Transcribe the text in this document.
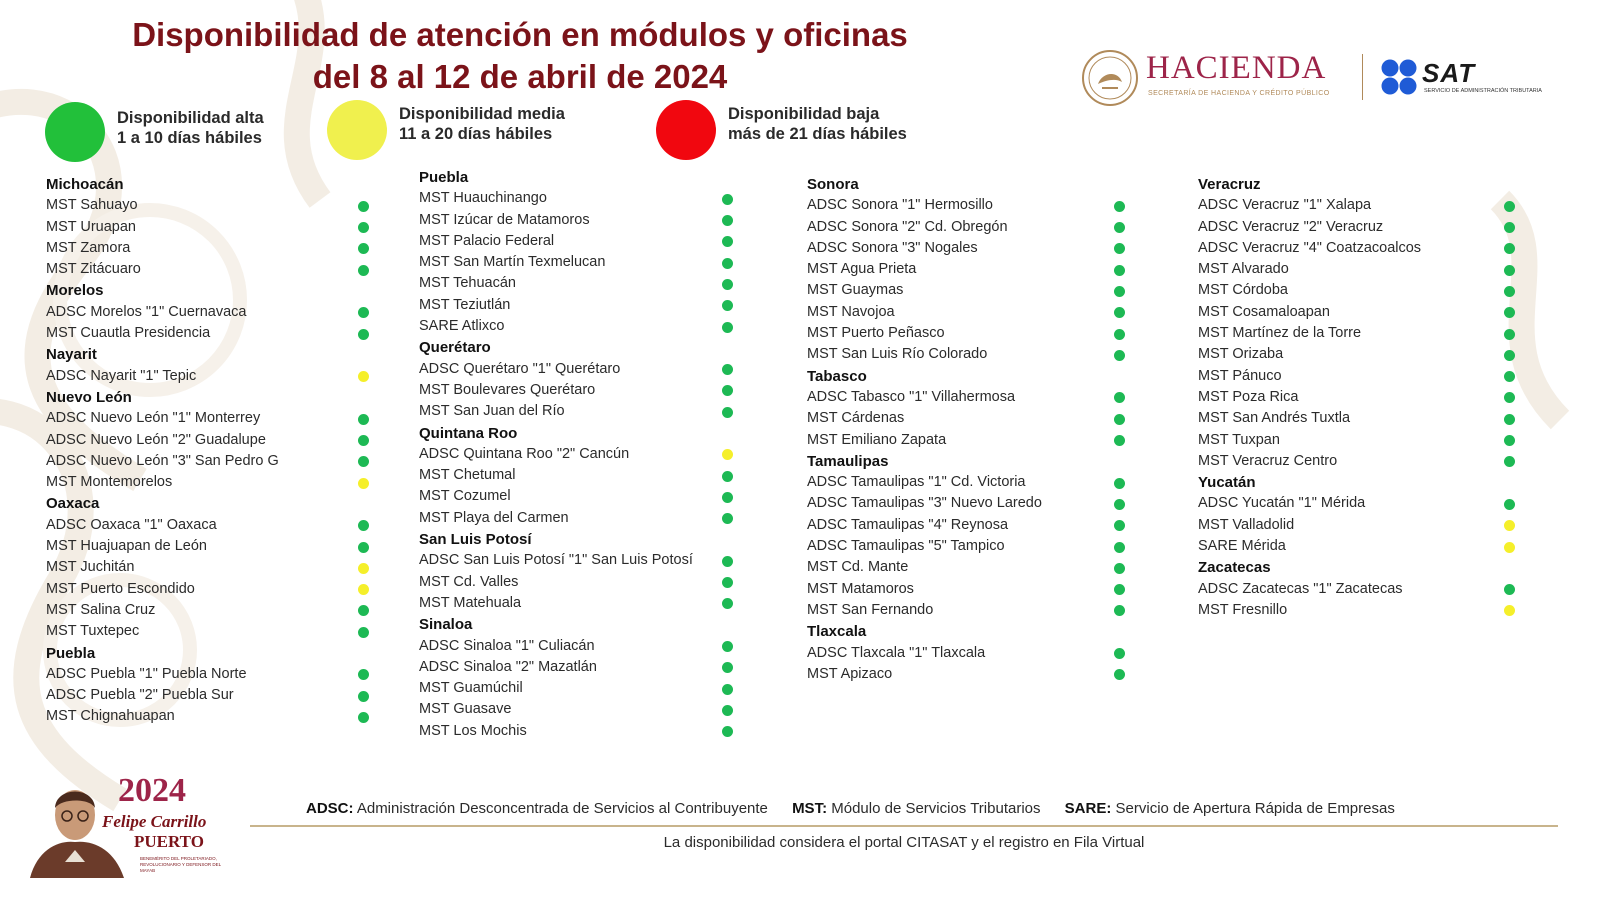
Disponibilidad de atención en módulos y oficinas
del 8 al 12 de abril de 2024	HACIENDA
SECRETARÍA DE HACIENDA Y CRÉDITO PÚBLICO
SAT
SERVICIO DE ADMINISTRACIÓN TRIBUTARIA
Disponibilidad alta
1 a 10 días hábiles
Disponibilidad media
11 a 20 días hábiles
Disponibilidad baja
más de 21 días hábiles
Michoacán
MST Sahuayo
MST Uruapan
MST Zamora
MST Zitácuaro
Morelos
ADSC Morelos "1" Cuernavaca
MST Cuautla Presidencia
Nayarit
ADSC Nayarit "1" Tepic
Nuevo León
ADSC Nuevo León "1" Monterrey
ADSC Nuevo León "2" Guadalupe
ADSC Nuevo León "3" San Pedro G
MST Montemorelos
Oaxaca
ADSC Oaxaca "1" Oaxaca
MST Huajuapan de León
MST Juchitán
MST Puerto Escondido
MST Salina Cruz
MST Tuxtepec
Puebla
ADSC Puebla "1" Puebla Norte
ADSC Puebla "2" Puebla Sur
MST Chignahuapan
Puebla
MST Huauchinango
MST Izúcar de Matamoros
MST Palacio Federal
MST San Martín Texmelucan
MST Tehuacán
MST Teziutlán
SARE Atlixco
Querétaro
ADSC Querétaro "1" Querétaro
MST Boulevares Querétaro
MST San Juan del Río
Quintana Roo
ADSC Quintana Roo "2" Cancún
MST Chetumal
MST Cozumel
MST Playa del Carmen
San Luis Potosí
ADSC San Luis Potosí "1" San Luis Potosí
MST Cd. Valles
MST Matehuala
Sinaloa
ADSC Sinaloa "1" Culiacán
ADSC Sinaloa "2" Mazatlán
MST Guamúchil
MST Guasave
MST Los Mochis
Sonora
ADSC Sonora "1" Hermosillo
ADSC Sonora "2" Cd. Obregón
ADSC Sonora "3" Nogales
MST Agua Prieta
MST Guaymas
MST Navojoa
MST Puerto Peñasco
MST San Luis Río Colorado
Tabasco
ADSC Tabasco "1" Villahermosa
MST Cárdenas
MST Emiliano Zapata
Tamaulipas
ADSC Tamaulipas "1" Cd. Victoria
ADSC Tamaulipas "3" Nuevo Laredo
ADSC Tamaulipas "4" Reynosa
ADSC Tamaulipas "5" Tampico
MST Cd. Mante
MST Matamoros
MST San Fernando
Tlaxcala
ADSC Tlaxcala "1" Tlaxcala
MST Apizaco
Veracruz
ADSC Veracruz "1" Xalapa
ADSC Veracruz "2" Veracruz
ADSC Veracruz "4" Coatzacoalcos
MST Alvarado
MST Córdoba
MST Cosamaloapan
MST Martínez de la Torre
MST Orizaba
MST Pánuco
MST Poza Rica
MST San Andrés Tuxtla
MST Tuxpan
MST Veracruz Centro
Yucatán
ADSC Yucatán "1" Mérida
MST Valladolid
SARE Mérida
Zacatecas
ADSC Zacatecas "1" Zacatecas
MST Fresnillo
ADSC: Administración Desconcentrada de Servicios al Contribuyente MST: Módulo de Servicios Tributarios SARE: Servicio de Apertura Rápida de Empresas
La disponibilidad considera el portal CITASAT y el registro en Fila Virtual
2024
Felipe Carrillo
PUERTO
BENEMÉRITO DEL PROLETARIADO, REVOLUCIONARIO Y DEFENSOR DEL MAYAB
